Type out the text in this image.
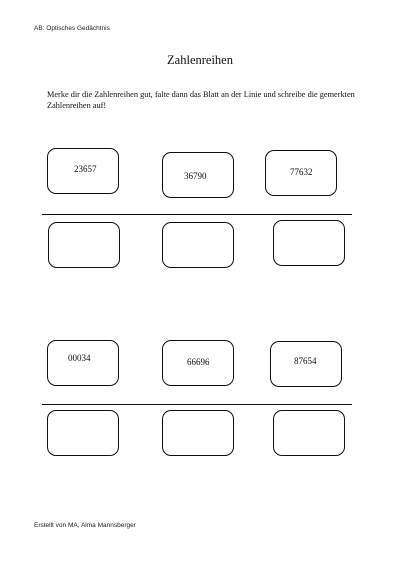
AB: Optisches Gedächtnis
Zahlenreihen
Merke dir die Zahlenreihen gut, falte dann das Blatt an der Linie und schreibe die gemerkten Zahlenreihen auf!
23657
36790	77632
00034	66696	87654
Erstellt von MA, Alma Mannsberger
